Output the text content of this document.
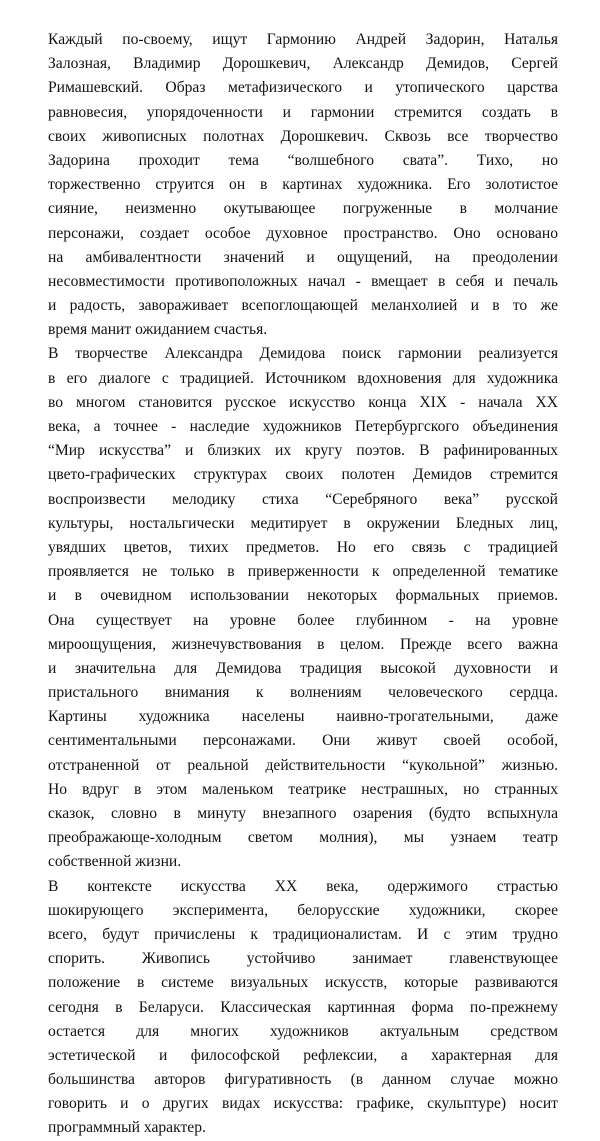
Каждый по-своему, ищут Гармонию Андрей Задорин, Наталья
Залозная, Владимир Дорошкевич, Александр Демидов, Сергей
Римашевский. Образ метафизического и утопического царства
равновесия, упорядоченности и гармонии стремится создать в
своих живописных полотнах Дорошкевич. Сквозь все творчество
Задорина проходит тема “волшебного свата”. Тихо, но
торжественно струится он в картинах художника. Его золотистое
сияние, неизменно окутывающее погруженные в молчание
персонажи, создает особое духовное пространство. Оно основано
на амбивалентности значений и ощущений, на преодолении
несовместимости противоположных начал - вмещает в себя и печаль
и радость, завораживает всепоглощающей меланхолией и в то же
время манит ожиданием счастья.
В творчестве Александра Демидова поиск гармонии реализуется
в его диалоге с традицией. Источником вдохновения для художника
во многом становится русское искусство конца XIX - начала XX
века, а точнее - наследие художников Петербургского объединения
“Мир искусства” и близких их кругу поэтов. В рафинированных
цвето-графических структурах своих полотен Демидов стремится
воспроизвести мелодику стиха “Серебряного века” русской
культуры, ностальгически медитирует в окружении Бледных лиц,
увядших цветов, тихих предметов. Но его связь с традицией
проявляется не только в приверженности к определенной тематике
и в очевидном использовании некоторых формальных приемов.
Она существует на уровне более глубинном - на уровне
мироощущения, жизнечувствования в целом. Прежде всего важна
и значительна для Демидова традиция высокой духовности и
пристального внимания к волнениям человеческого сердца.
Картины художника населены наивно-трогательными, даже
сентиментальными персонажами. Они живут своей особой,
отстраненной от реальной действительности “кукольной” жизнью.
Но вдруг в этом маленьком театрике нестрашных, но странных
сказок, словно в минуту внезапного озарения (будто вспыхнула
преображающе-холодным светом молния), мы узнаем театр
собственной жизни.
В контексте искусства XX века, одержимого страстью
шокирующего эксперимента, белорусские художники, скорее
всего, будут причислены к традиционалистам. И с этим трудно
спорить. Живопись устойчиво занимает главенствующее
положение в системе визуальных искусств, которые развиваются
сегодня в Беларуси. Классическая картинная форма по-прежнему
остается для многих художников актуальным средством
эстетической и философской рефлексии, а характерная для
большинства авторов фигуративность (в данном случае можно
говорить и о других видах искусства: графике, скульптуре) носит
программный характер.
